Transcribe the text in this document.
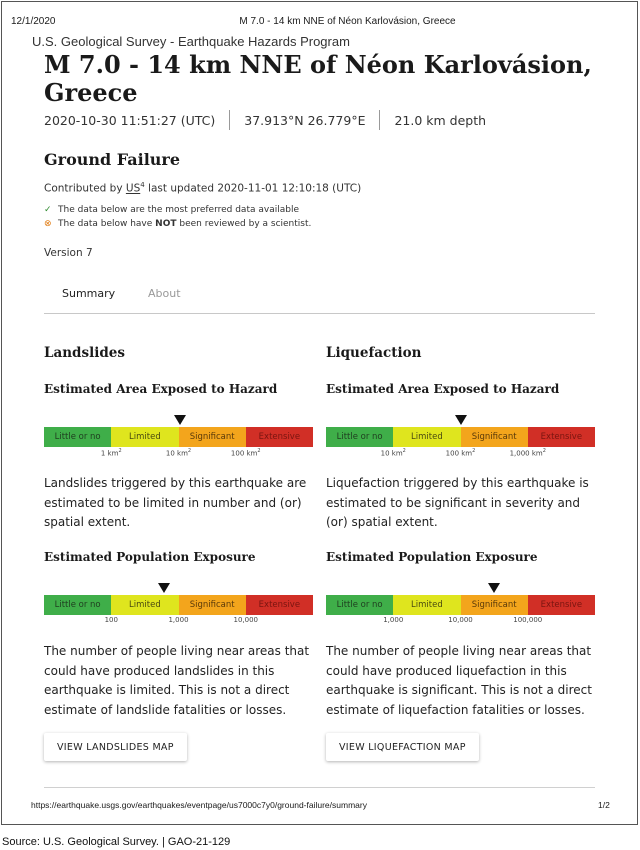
12/1/2020	M 7.0 - 14 km NNE of Néon Karlovásion, Greece
U.S. Geological Survey - Earthquake Hazards Program
M 7.0 - 14 km NNE of Néon Karlovásion, Greece
2020-10-30 11:51:27 (UTC) 37.913°N 26.779°E 21.0 km depth
Ground Failure
Contributed by $US^4$ last updated 2020-11-01 12:10:18 (UTC)
✓ The data below are the most preferred data available
⊗ The data below have
NOT
been reviewed by a scientist.
Version 7
Summary	About
Landslides
Estimated Area Exposed to Hazard
Little or no	Limited	Significant	Extensive
1 $km^2$	10 $km^2$	100 $km^2$

Landslides triggered by this earthquake are estimated to be limited in number and (or) spatial extent.

Estimated Population Exposure
Little or no	Limited	Significant	Extensive
100	1,000	10,000

The number of people living near areas that could have produced landslides in this earthquake is limited. This is not a direct estimate of landslide fatalities or losses.

VIEW LANDSLIDES MAP
Liquefaction
Estimated Area Exposed to Hazard
Little or no	Limited	Significant	Extensive
10 $km^2$	100 $km^2$	1,000 $km^2$

Liquefaction triggered by this earthquake is estimated to be significant in severity and (or) spatial extent.

Estimated Population Exposure
Little or no	Limited	Significant	Extensive
1,000	10,000	100,000

The number of people living near areas that could have produced liquefaction in this earthquake is significant. This is not a direct estimate of liquefaction fatalities or losses.

VIEW LIQUEFACTION MAP
https://earthquake.usgs.gov/earthquakes/eventpage/us7000c7y0/ground-failure/summary	1/2
Source: U.S. Geological Survey. | GAO-21-129
